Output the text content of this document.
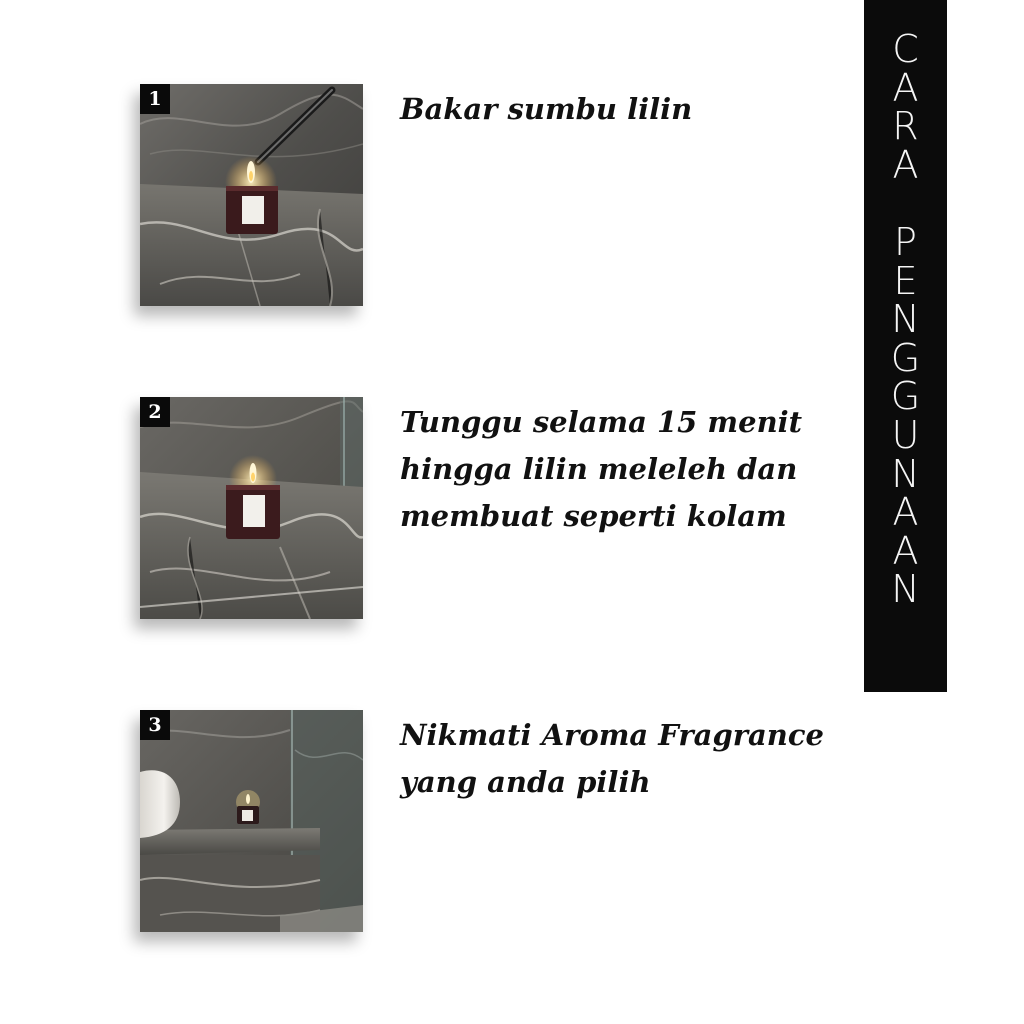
C
A
R
A
P
E
N
G
G
U
N
A
A
N
1	Bakar sumbu lilin
2	Tunggu selama 15 menit
hingga lilin meleleh dan
membuat seperti kolam
3	Nikmati Aroma Fragrance
yang anda pilih
